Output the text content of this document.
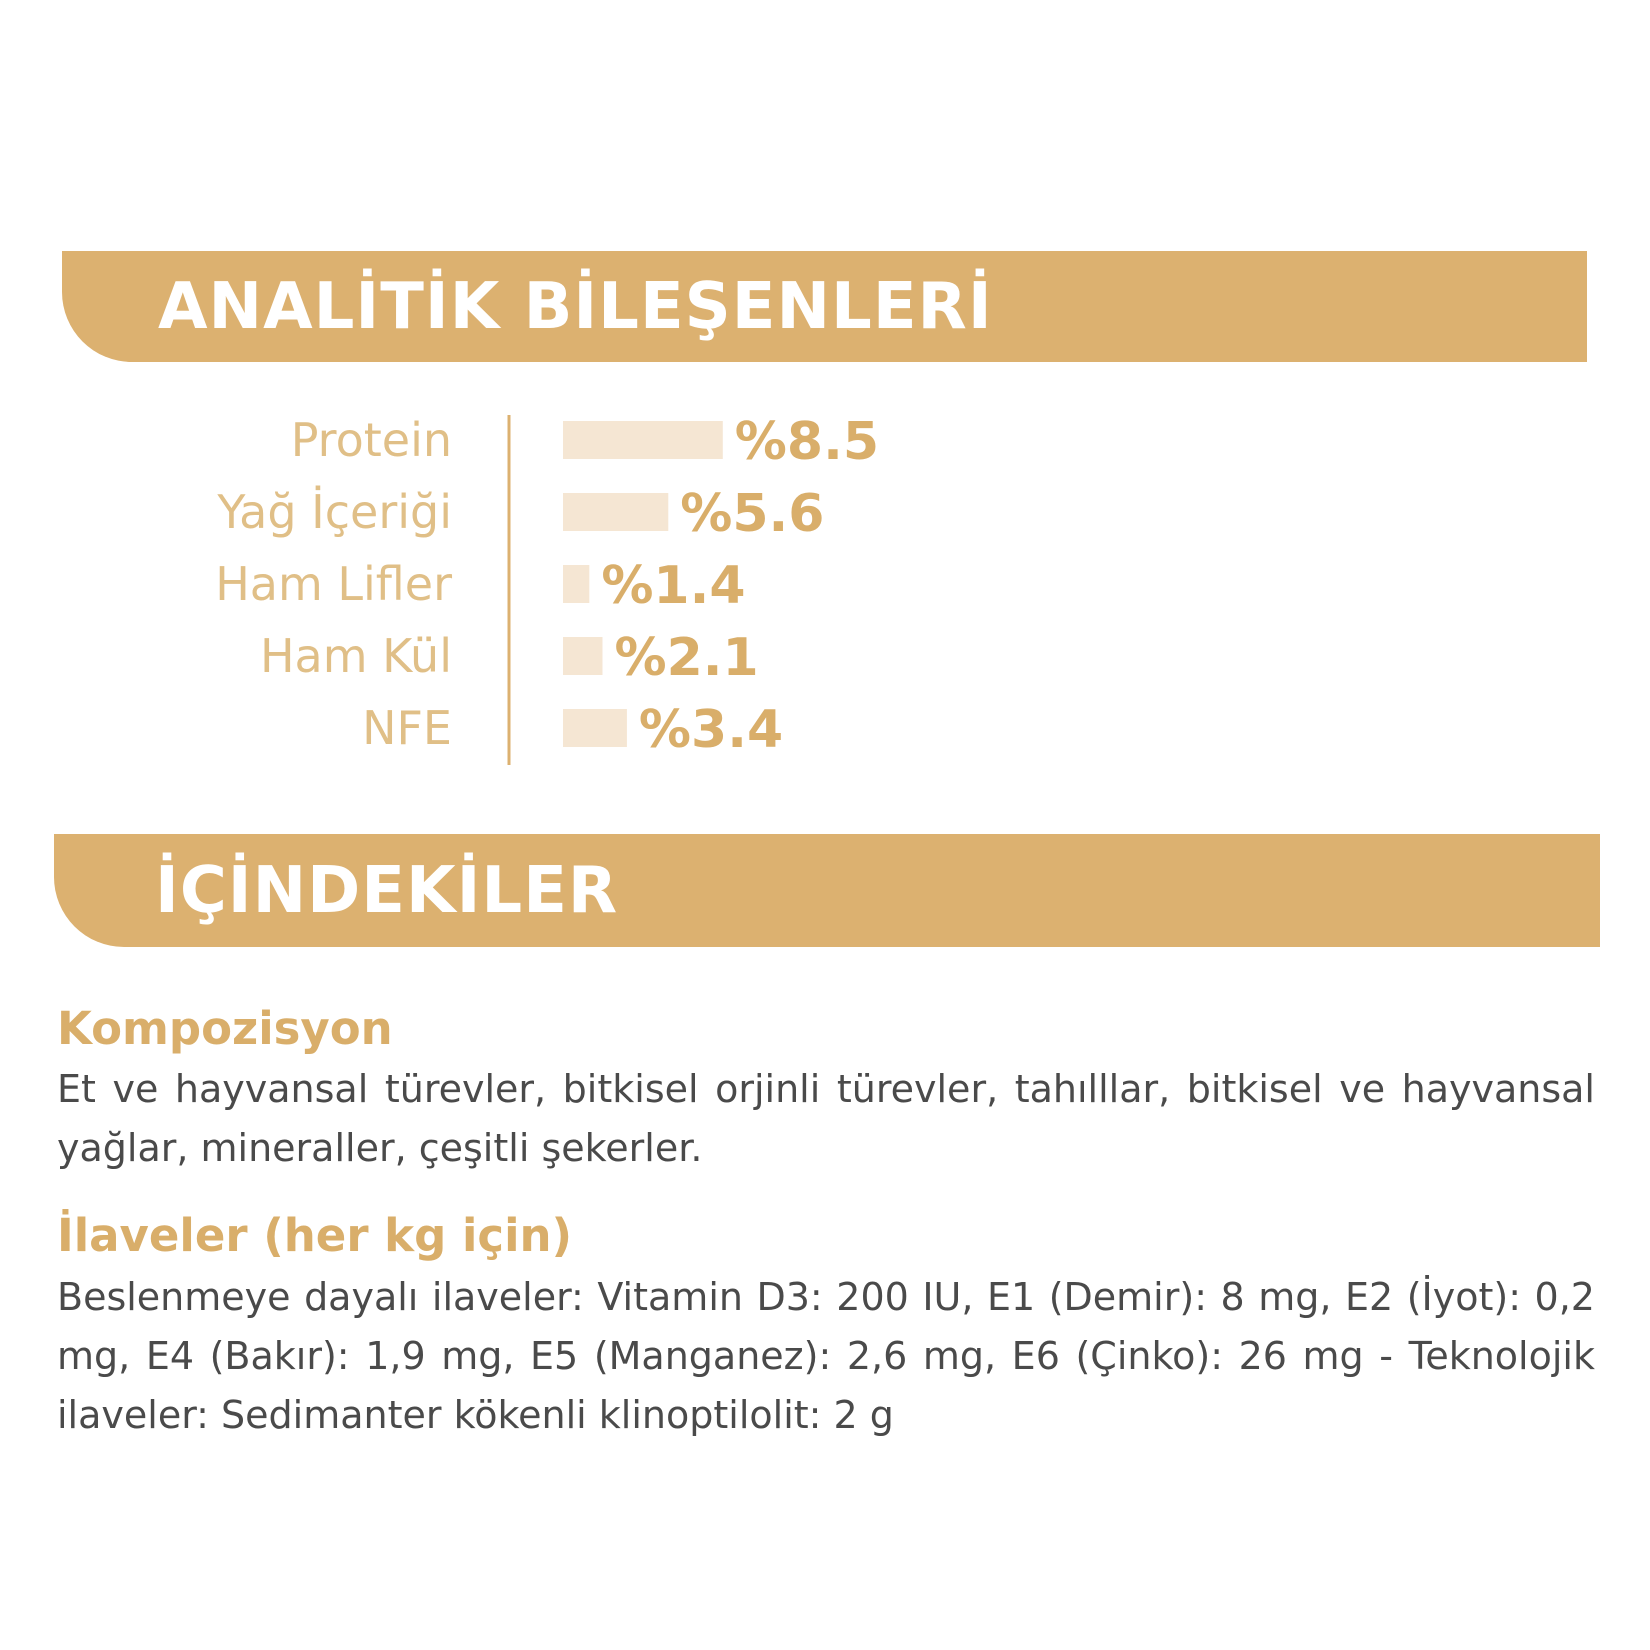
ANALİTİK BİLEŞENLERİ
Protein	%8.5
Yağ İçeriği	%5.6
Ham Lifler	%1.4
Ham Kül	%2.1
NFE	%3.4
İÇİNDEKİLER
Kompozisyon

Et ve hayvansal türevler, bitkisel orjinli türevler, tahılllar, bitkisel ve hayvansal yağlar, mineraller, çeşitli şekerler.

İlaveler (her kg için)

Beslenmeye dayalı ilaveler: Vitamin D3: 200 IU, E1 (Demir): 8 mg, E2 (İyot): 0,2 mg, E4 (Bakır): 1,9 mg, E5 (Manganez): 2,6 mg, E6 (Çinko): 26 mg - Teknolojik ilaveler: Sedimanter kökenli klinoptilolit: 2 g
